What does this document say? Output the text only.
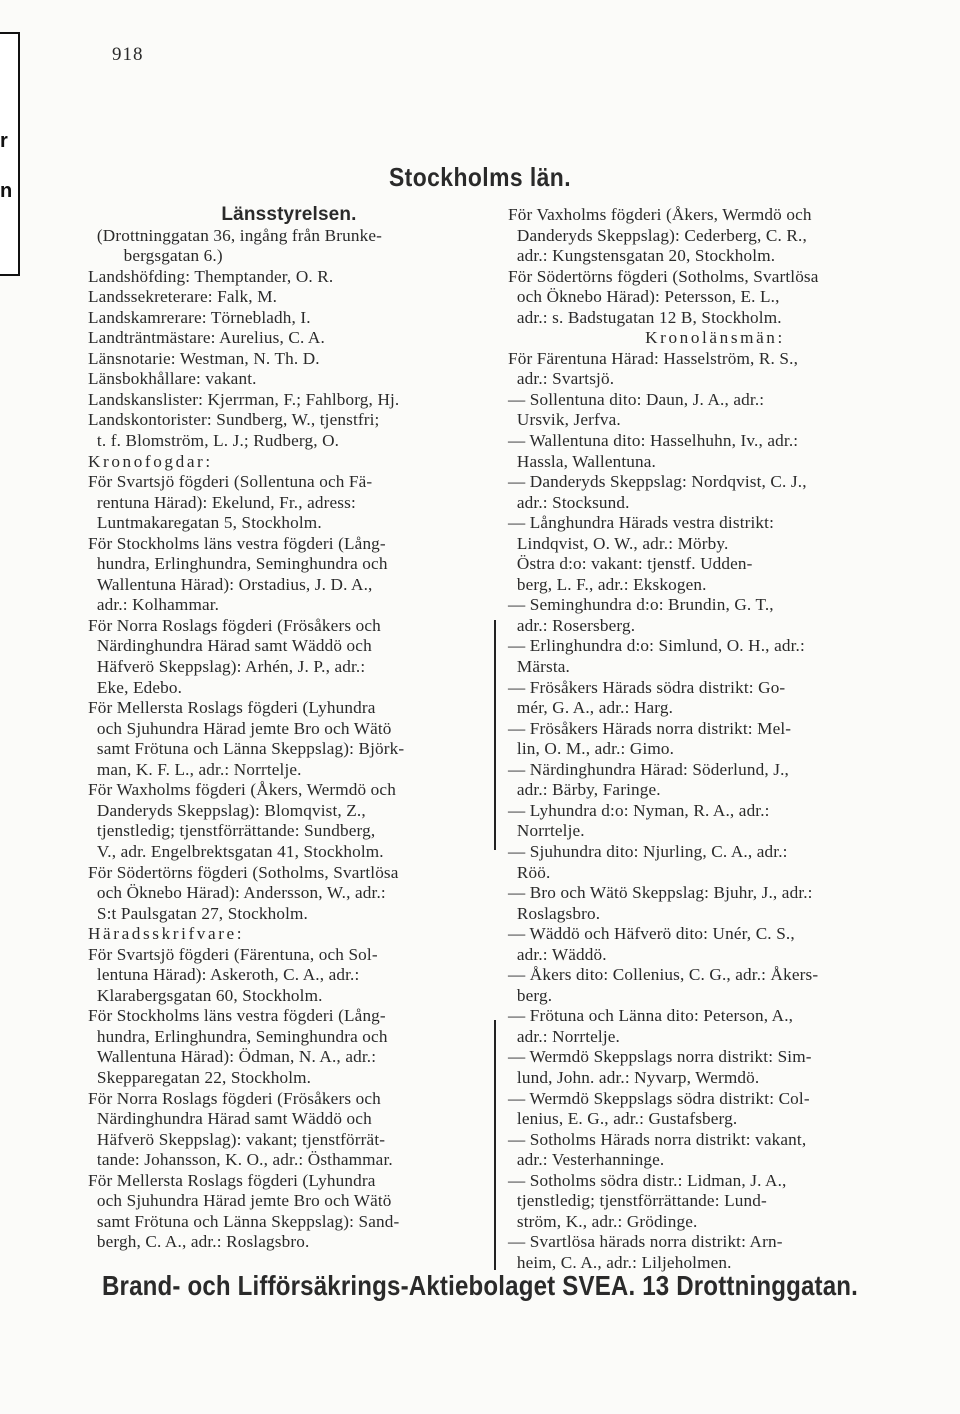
r
n
918
Stockholms län.
Länsstyrelsen.
(Drottninggatan 36, ingång från Brunke-
bergsgatan 6.)
Landshöfding: Themptander, O. R.
Landssekreterare: Falk, M.
Landskamrerare: Törnebladh, I.
Landträntmästare: Aurelius, C. A.
Länsnotarie: Westman, N. Th. D.
Länsbokhållare: vakant.
Landskanslister: Kjerrman, F.; Fahlborg, Hj.
Landskontorister: Sundberg, W., tjenstfri;
t. f. Blomström, L. J.; Rudberg, O.
Kronofogdar:
För Svartsjö fögderi (Sollentuna och Fä-
rentuna Härad): Ekelund, Fr., adress:
Luntmakaregatan 5, Stockholm.
För Stockholms läns vestra fögderi (Lång-
hundra, Erlinghundra, Seminghundra och
Wallentuna Härad): Orstadius, J. D. A.,
adr.: Kolhammar.
För Norra Roslags fögderi (Frösåkers och
Närdinghundra Härad samt Wäddö och
Häfverö Skeppslag): Arhén, J. P., adr.:
Eke, Edebo.
För Mellersta Roslags fögderi (Lyhundra
och Sjuhundra Härad jemte Bro och Wätö
samt Frötuna och Länna Skeppslag): Björk-
man, K. F. L., adr.: Norrtelje.
För Waxholms fögderi (Åkers, Wermdö och
Danderyds Skeppslag): Blomqvist, Z.,
tjenstledig; tjenstförrättande: Sundberg,
V., adr. Engelbrektsgatan 41, Stockholm.
För Södertörns fögderi (Sotholms, Svartlösa
och Öknebo Härad): Andersson, W., adr.:
S:t Paulsgatan 27, Stockholm.
Häradsskrifvare:
För Svartsjö fögderi (Färentuna, och Sol-
lentuna Härad): Askeroth, C. A., adr.:
Klarabergsgatan 60, Stockholm.
För Stockholms läns vestra fögderi (Lång-
hundra, Erlinghundra, Seminghundra och
Wallentuna Härad): Ödman, N. A., adr.:
Skepparegatan 22, Stockholm.
För Norra Roslags fögderi (Frösåkers och
Närdinghundra Härad samt Wäddö och
Häfverö Skeppslag): vakant; tjenstförrät-
tande: Johansson, K. O., adr.: Östhammar.
För Mellersta Roslags fögderi (Lyhundra
och Sjuhundra Härad jemte Bro och Wätö
samt Frötuna och Länna Skeppslag): Sand-
bergh, C. A., adr.: Roslagsbro.
För Vaxholms fögderi (Åkers, Wermdö och
Danderyds Skeppslag): Cederberg, C. R.,
adr.: Kungstensgatan 20, Stockholm.
För Södertörns fögderi (Sotholms, Svartlösa
och Öknebo Härad): Petersson, E. L.,
adr.: s. Badstugatan 12 B, Stockholm.
Kronolänsmän:
För Färentuna Härad: Hasselström, R. S.,
adr.: Svartsjö.
— Sollentuna dito: Daun, J. A., adr.:
Ursvik, Jerfva.
— Wallentuna dito: Hasselhuhn, Iv., adr.:
Hassla, Wallentuna.
— Danderyds Skeppslag: Nordqvist, C. J.,
adr.: Stocksund.
— Långhundra Härads vestra distrikt:
Lindqvist, O. W., adr.: Mörby.
Östra d:o: vakant: tjenstf. Udden-
berg, L. F., adr.: Ekskogen.
— Seminghundra d:o: Brundin, G. T.,
adr.: Rosersberg.
— Erlinghundra d:o: Simlund, O. H., adr.:
Märsta.
— Frösåkers Härads södra distrikt: Go-
mér, G. A., adr.: Harg.
— Frösåkers Härads norra distrikt: Mel-
lin, O. M., adr.: Gimo.
— Närdinghundra Härad: Söderlund, J.,
adr.: Bärby, Faringe.
— Lyhundra d:o: Nyman, R. A., adr.:
Norrtelje.
— Sjuhundra dito: Njurling, C. A., adr.:
Röö.
— Bro och Wätö Skeppslag: Bjuhr, J., adr.:
Roslagsbro.
— Wäddö och Häfverö dito: Unér, C. S.,
adr.: Wäddö.
— Åkers dito: Collenius, C. G., adr.: Åkers-
berg.
— Frötuna och Länna dito: Peterson, A.,
adr.: Norrtelje.
— Wermdö Skeppslags norra distrikt: Sim-
lund, John. adr.: Nyvarp, Wermdö.
— Wermdö Skeppslags södra distrikt: Col-
lenius, E. G., adr.: Gustafsberg.
— Sotholms Härads norra distrikt: vakant,
adr.: Vesterhanninge.
— Sotholms södra distr.: Lidman, J. A.,
tjenstledig; tjenstförrättande: Lund-
ström, K., adr.: Grödinge.
— Svartlösa härads norra distrikt: Arn-
heim, C. A., adr.: Liljeholmen.
Brand- och Lifförsäkrings-Aktiebolaget SVEA. 13 Drottninggatan.
